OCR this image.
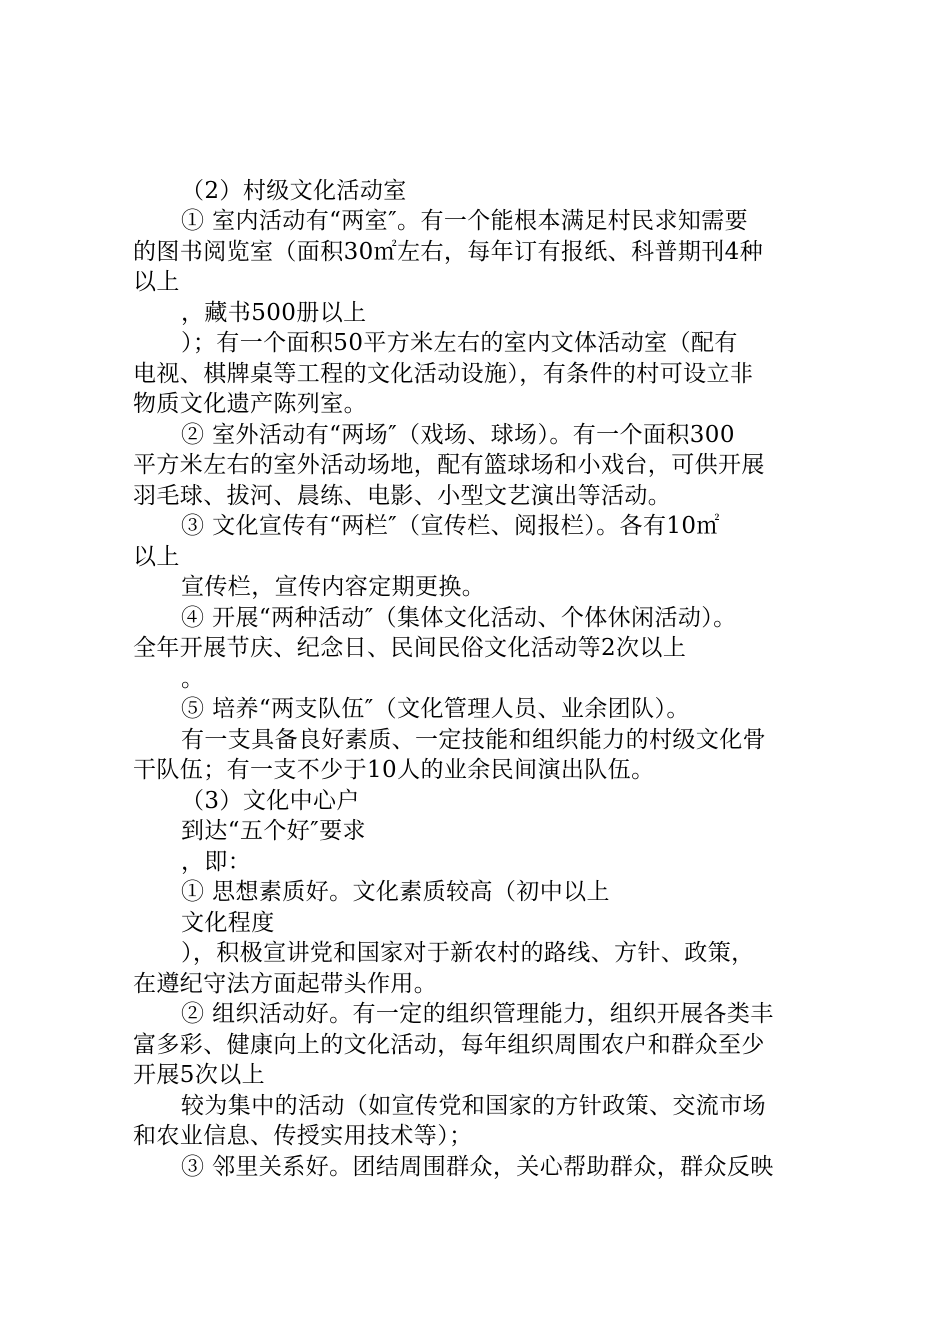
（2）村级文化活动室
① 室内活动有“两室″。有一个能根本满足村民求知需要
的图书阅览室（面积30㎡左右，每年订有报纸、科普期刊4种
以上
，藏书500册以上
）；有一个面积50平方米左右的室内文体活动室（配有
电视、棋牌桌等工程的文化活动设施），有条件的村可设立非
物质文化遗产陈列室。
② 室外活动有“两场″（戏场、球场）。有一个面积300
平方米左右的室外活动场地，配有篮球场和小戏台，可供开展
羽毛球、拔河、晨练、电影、小型文艺演出等活动。
③ 文化宣传有“两栏″（宣传栏、阅报栏）。各有10㎡
以上
宣传栏，宣传内容定期更换。
④ 开展“两种活动″（集体文化活动、个体休闲活动）。
全年开展节庆、纪念日、民间民俗文化活动等2次以上
。
⑤ 培养“两支队伍″（文化管理人员、业余团队）。
有一支具备良好素质、一定技能和组织能力的村级文化骨
干队伍；有一支不少于10人的业余民间演出队伍。
（3）文化中心户
到达“五个好″要求
，即：
① 思想素质好。文化素质较高（初中以上
文化程度
），积极宣讲党和国家对于新农村的路线、方针、政策，
在遵纪守法方面起带头作用。
② 组织活动好。有一定的组织管理能力，组织开展各类丰
富多彩、健康向上的文化活动，每年组织周围农户和群众至少
开展5次以上
较为集中的活动（如宣传党和国家的方针政策、交流市场
和农业信息、传授实用技术等）；
③ 邻里关系好。团结周围群众，关心帮助群众，群众反映
